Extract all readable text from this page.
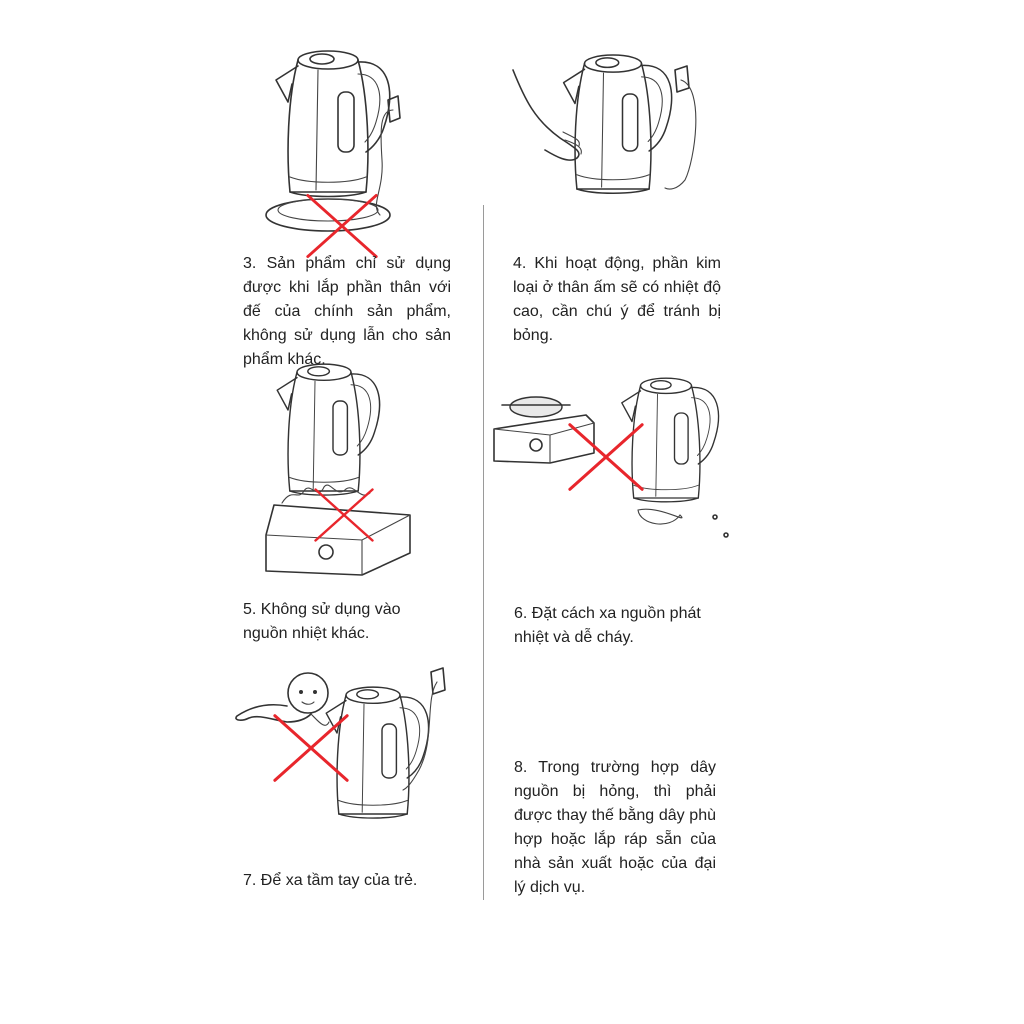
3. Sản phẩm chỉ sử dụng được khi lắp phần thân với đế của chính sản phẩm, không sử dụng lẫn cho sản phẩm khác.

4. Khi hoạt động, phần kim loại ở thân ấm sẽ có nhiệt độ cao, cần chú ý để tránh bị bỏng.

5. Không sử dụng vào nguồn nhiệt khác.

6. Đặt cách xa nguồn phát nhiệt và dễ cháy.

7. Để xa tầm tay của trẻ.

8. Trong trường hợp dây nguồn bị hỏng, thì phải được thay thế bằng dây phù hợp hoặc lắp ráp sẵn của nhà sản xuất hoặc của đại lý dịch vụ.
